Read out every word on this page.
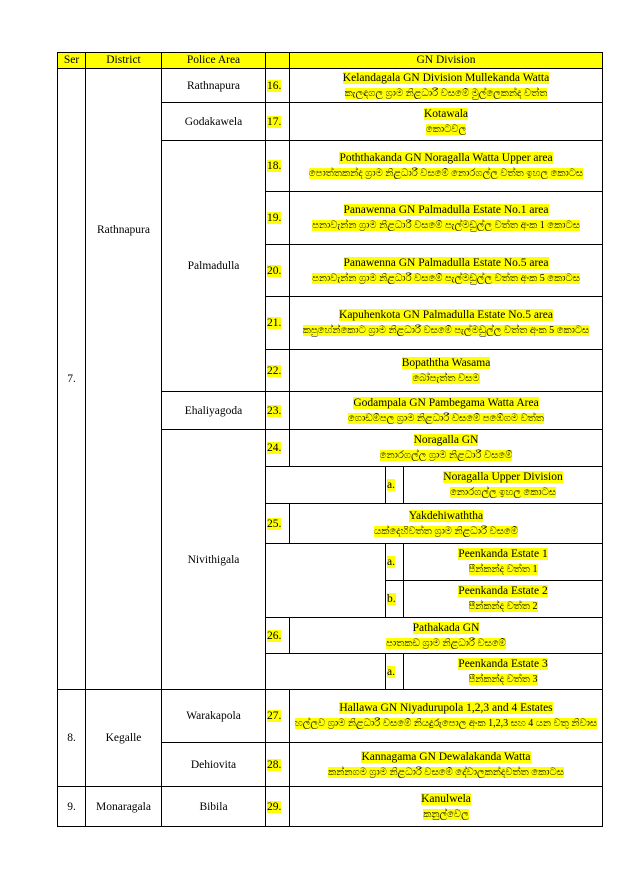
Ser	District	Police Area		GN Division		
7.	Rathnapura	Rathnapura	16.	Kelandagala GN Division Mullekanda Watta
කැලඳගල ග්‍රාම නිළධාරී වසමේ මුල්ලෙකන්ද වත්ත		
		Godakawela	17.	Kotawala
කොටවල		
		Palmadulla	18.	Poththakanda GN Noragalla Watta Upper area
පොත්තකන්ද ග්‍රාම නිළධාරී වසමේ නොරගල්ල වත්ත ඉහල කොටස		
			19.	Panawenna GN Palmadulla Estate No.1 area
පනාවැන්න ග්‍රාම නිළධාරී වසමේ පැල්මඩුල්ල වත්ත අංක 1 කොටස		
			20.	Panawenna GN Palmadulla Estate No.5 area
පනාවැන්න ග්‍රාම නිළධාරී වසමේ පැල්මඩුල්ල වත්ත අංක 5 කොටස		
			21.	Kapuhenkota GN Palmadulla Estate No.5 area
කපුහේන්කොට ග්‍රාම නිළධාරී වසමේ පැල්මඩුල්ල වත්ත අංක 5 කොටස		
			22.	Bopaththa Wasama
බෝපැත්ත වසම		
		Ehaliyagoda	23.	Godampala GN Pambegama Watta Area
ගොඩම්පල ග්‍රාම නිළධාරී වසමේ පඹේගම වත්ත		
		Nivithigala	24.	Noragalla GN
නොරගල්ල ග්‍රාම නිළධාරී වසමේ		
					a.	Noragalla Upper Division
නොරගල්ල ඉහල කොටස
			25.	Yakdehiwaththa
යක්දෙහිවත්ත ග්‍රාම නිළධාරී වසමේ		
					a.	Peenkanda Estate 1
පීන්කන්ද වත්ත 1
					b.	Peenkanda Estate 2
පීන්කන්ද වත්ත 2
			26.	Pathakada GN
පාතකඩ ග්‍රාම නිළධාරී වසමේ		
					a.	Peenkanda Estate 3
පීන්කන්ද වත්ත 3

8.	Kegalle	Warakapola	27.	Hallawa GN Niyadurupola 1,2,3 and 4 Estates
හල්ලව ග්‍රාම නිළධාරී වසමේ නියදුරුපොල අංක 1,2,3 සහ 4 යන වතු නිවාස		
		Dehiovita	28.	Kannagama GN Dewalakanda Watta
කන්නගම ග්‍රාම නිළධාරී වසමේ දේවාලකන්දවත්ත කොටස		
9.	Monaragala	Bibila	29.	Kanulwela
කනුල්වෙල		
